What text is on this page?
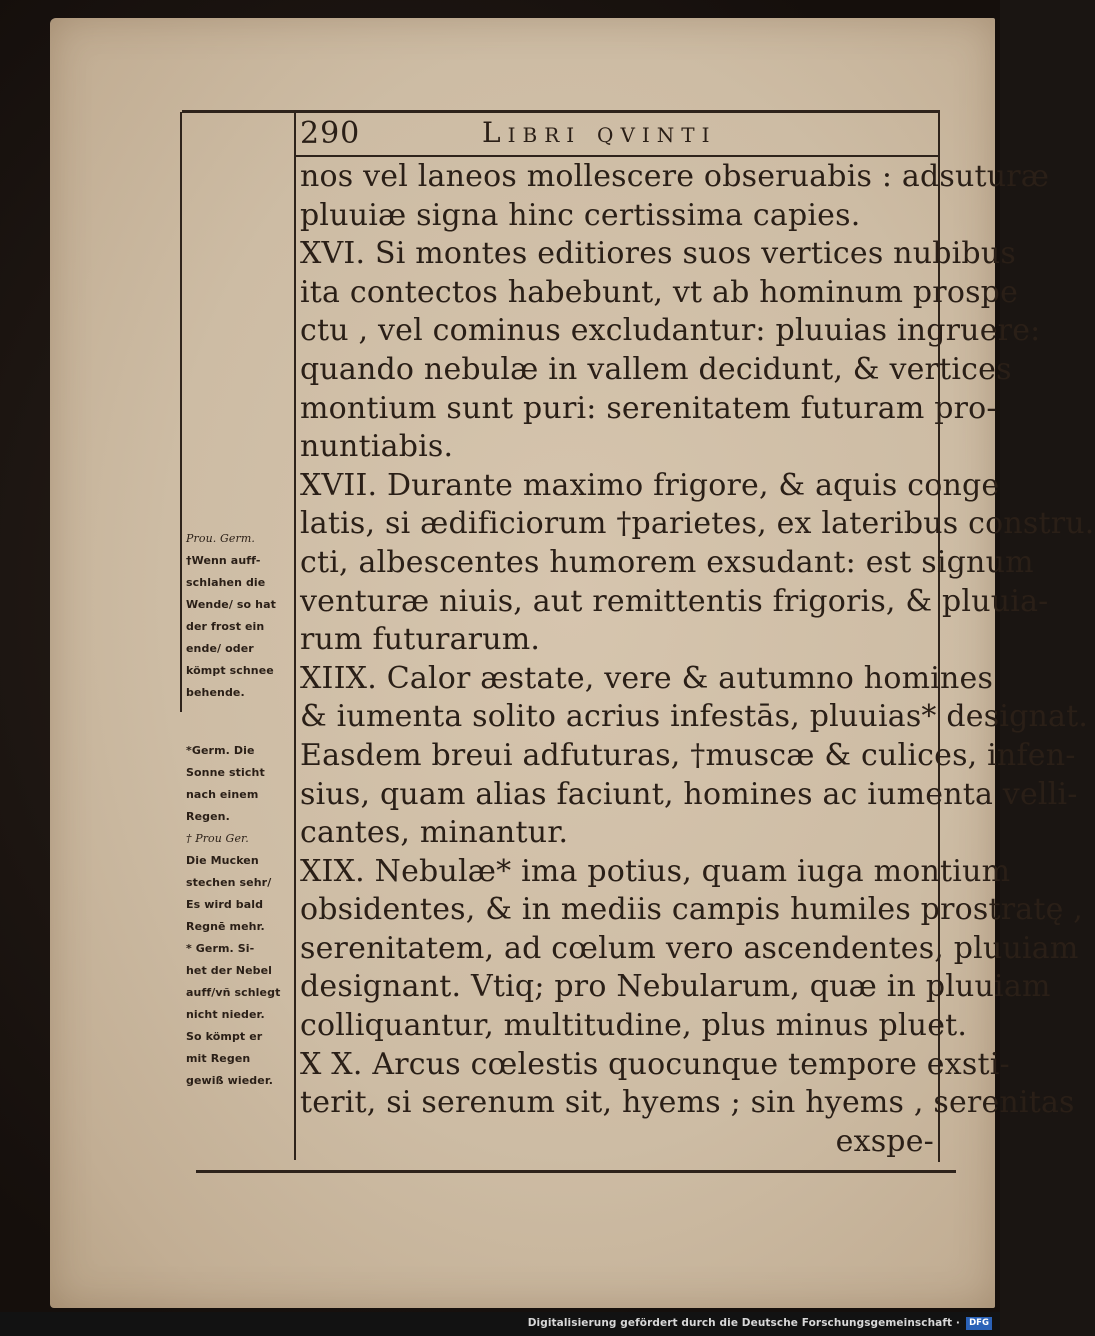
290	Libri qvinti
nos vel laneos mollescere obseruabis : adsuturæ
pluuiæ signa hinc certissima capies.
XVI. Si montes editiores suos vertices nubibus
ita contectos habebunt, vt ab hominum prospe
ctu , vel cominus excludantur: pluuias ingruere:
quando nebulæ in vallem decidunt, & vertices
montium sunt puri: serenitatem futuram pro-
nuntiabis.
XVII. Durante maximo frigore, & aquis conge
latis, si ædificiorum †parietes, ex lateribus constru.
cti, albescentes humorem exsudant: est signum
venturæ niuis, aut remittentis frigoris, & pluuia-
rum futurarum.
XIIX. Calor æstate, vere & autumno homines
& iumenta solito acrius infestās, pluuias* designat.
Easdem breui adfuturas, †muscæ & culices, infen-
sius, quam alias faciunt, homines ac iumenta velli-
cantes, minantur.
XIX. Nebulæ* ima potius, quam iuga montium
obsidentes, & in mediis campis humiles prostratę ,
serenitatem, ad cœlum vero ascendentes, pluuiam
designant. Vtiq; pro Nebularum, quæ in pluuiam
colliquantur, multitudine, plus minus pluet.
X X. Arcus cœlestis quocunque tempore exsti-
terit, si serenum sit, hyems ; sin hyems , serenitas
exspe-
Prou. Germ.
†Wenn auff-
schlahen die
Wende/ so hat
der frost ein
ende/ oder
kömpt schnee
behende.
*Germ. Die
Sonne sticht
nach einem
Regen.
† Prou Ger.
Die Mucken
stechen sehr/
Es wird bald
Regnē mehr.
* Germ. Si-
het der Nebel
auff/vñ schlegt
nicht nieder.
So kömpt er
mit Regen
gewiß wieder.
Digitalisierung gefördert durch die Deutsche Forschungsgemeinschaft ·	DFG
